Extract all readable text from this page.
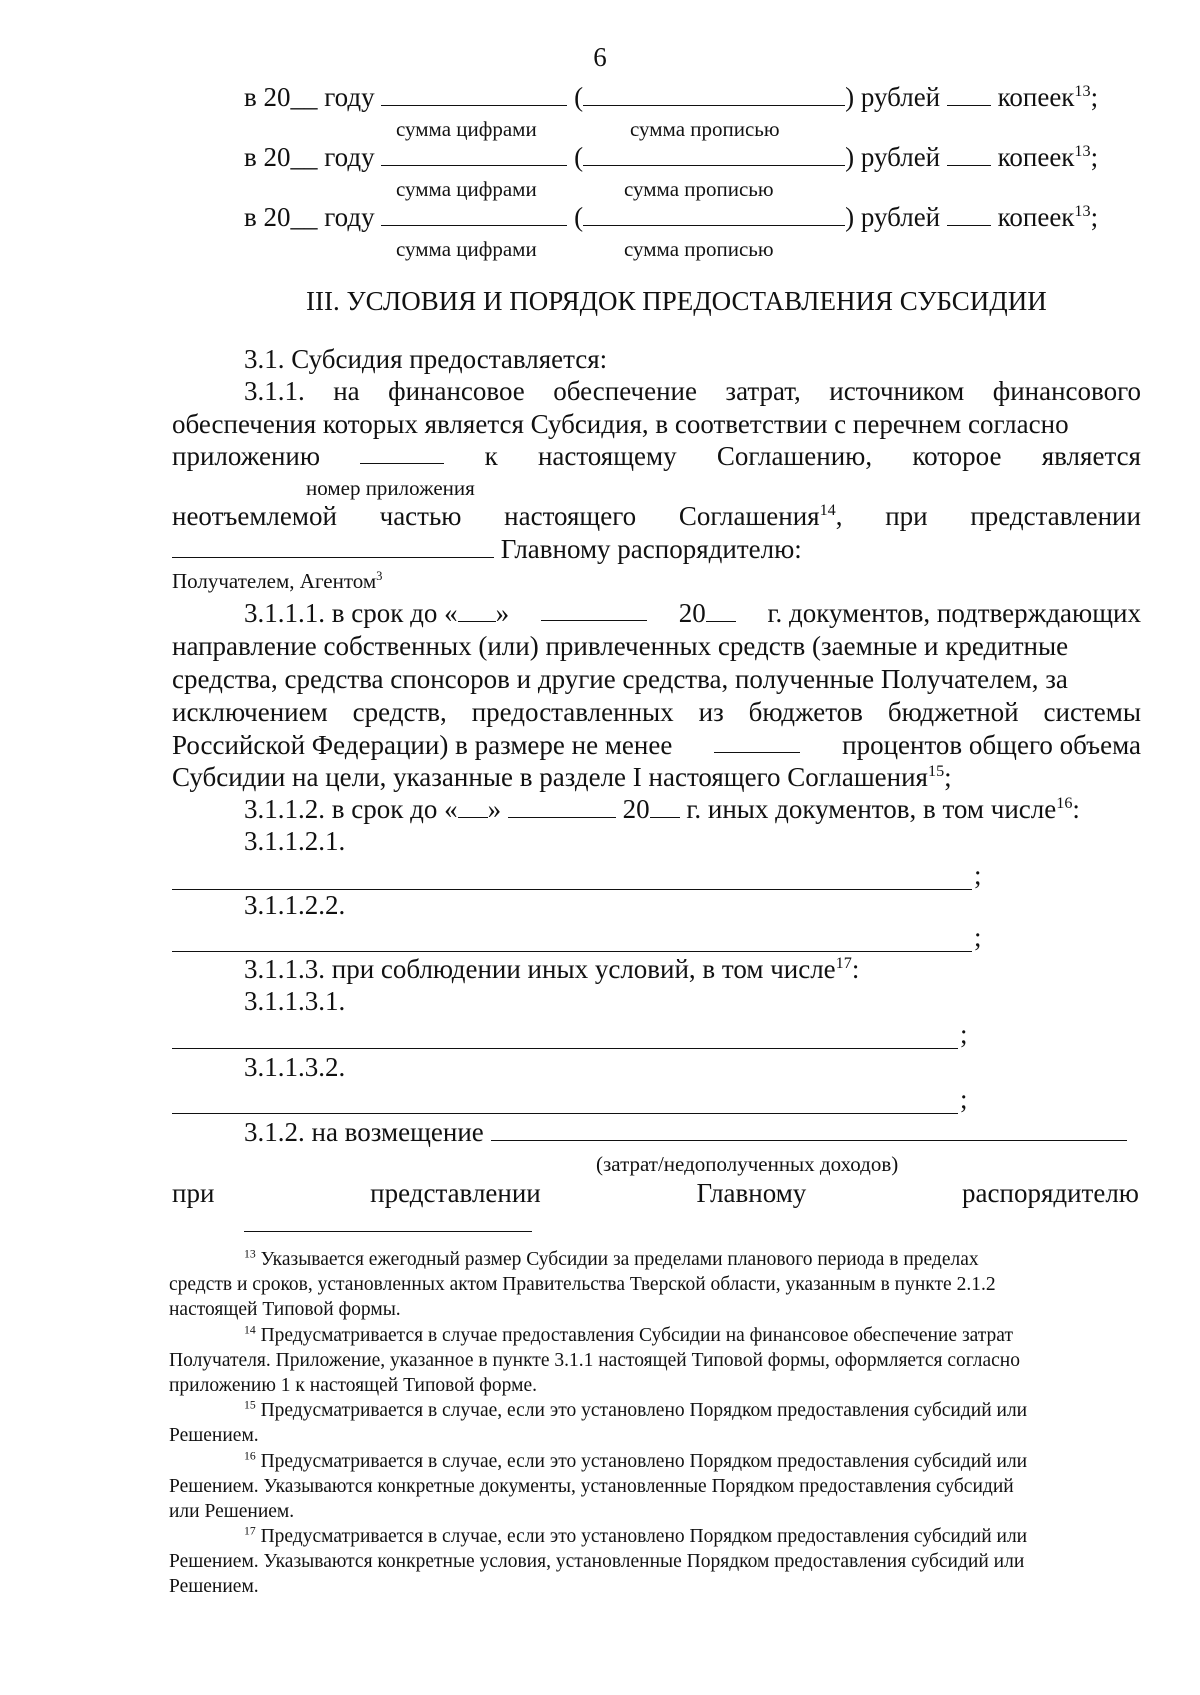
6
в 20__ году	(	) рублей копеек$^{13}$;
сумма цифрами	сумма прописью
в 20__ году	(	) рублей копеек$^{13}$;
сумма цифрами	сумма прописью
в 20__ году	(	) рублей копеек$^{13}$;
сумма цифрами	сумма прописью
III. УСЛОВИЯ И ПОРЯДОК ПРЕДОСТАВЛЕНИЯ СУБСИДИИ
3.1. Субсидия предоставляется:
3.1.1. на финансовое обеспечение затрат, источником финансового
обеспечения которых является Субсидия, в соответствии с перечнем согласно
приложению	к настоящему Соглашению, которое является
номер приложения
неотъемлемой частью настоящего Соглашения$^{14}$, при представлении
Главному распорядителю:
Получателем, Агентом$^3$
3.1.1.1. в срок до « »	20	г. документов, подтверждающих
направление собственных (или) привлеченных средств (заемные и кредитные
средства, средства спонсоров и другие средства, полученные Получателем, за
исключением средств, предоставленных из бюджетов бюджетной системы
Российской Федерации) в размере не менее	процентов общего объема
Субсидии на цели, указанные в разделе I настоящего Соглашения$^{15}$;
3.1.1.2. в срок до « »	20 г. иных документов, в том числе$^{16}$:
3.1.1.2.1.
;
3.1.1.2.2.
;
3.1.1.3. при соблюдении иных условий, в том числе$^{17}$:
3.1.1.3.1.
;
3.1.1.3.2.
;
3.1.2. на возмещение
(затрат/недополученных доходов)
при	представлении	Главному	распорядителю
$^{13}$ Указывается ежегодный размер Субсидии за пределами планового периода в пределах
средств и сроков, установленных актом Правительства Тверской области, указанным в пункте 2.1.2
настоящей Типовой формы.
$^{14}$ Предусматривается в случае предоставления Субсидии на финансовое обеспечение затрат
Получателя. Приложение, указанное в пункте 3.1.1 настоящей Типовой формы, оформляется согласно
приложению 1 к настоящей Типовой форме.
$^{15}$ Предусматривается в случае, если это установлено Порядком предоставления субсидий или
Решением.
$^{16}$ Предусматривается в случае, если это установлено Порядком предоставления субсидий или
Решением. Указываются конкретные документы, установленные Порядком предоставления субсидий
или Решением.
$^{17}$ Предусматривается в случае, если это установлено Порядком предоставления субсидий или
Решением. Указываются конкретные условия, установленные Порядком предоставления субсидий или
Решением.
